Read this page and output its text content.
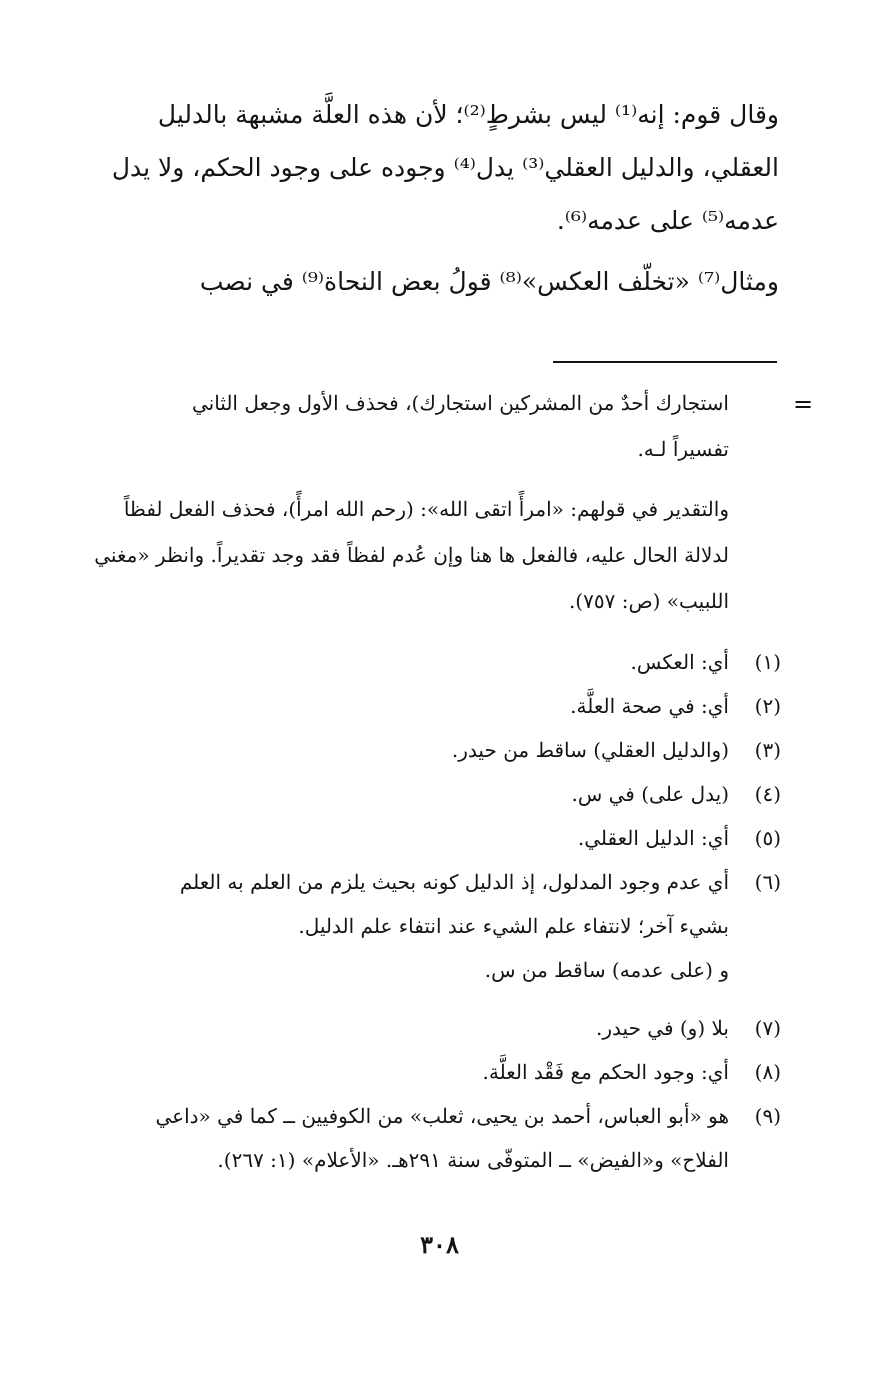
وقال قوم: إنه⁽¹⁾ ليس بشرطٍ⁽²⁾؛ لأن هذه العلَّة مشبهة بالدليل

العقلي، والدليل العقلي⁽³⁾ يدل⁽⁴⁾ وجوده على وجود الحكم، ولا يدل

عدمه⁽⁵⁾ على عدمه⁽⁶⁾.

ومثال⁽⁷⁾ «تخلّف العكس»⁽⁸⁾ قولُ بعض النحاة⁽⁹⁾ في نصب

=

استجارك أحدٌ من المشركين استجارك)، فحذف الأول وجعل الثاني

تفسيراً لـه.

والتقدير في قولهم: «امرأً اتقى الله»: (رحم الله امرأً)، فحذف الفعل لفظاً

لدلالة الحال عليه، فالفعل ها هنا وإن عُدم لفظاً فقد وجد تقديراً. وانظر «مغني

اللبيب» (ص: ٧٥٧).

(١)
أي: العكس.
(٢)
أي: في صحة العلَّة.
(٣)
(والدليل العقلي) ساقط من حيدر.
(٤)
(يدل على) في س.
(٥)
أي: الدليل العقلي.
(٦)
أي عدم وجود المدلول، إذ الدليل كونه بحيث يلزم من العلم به العلم
بشيء آخر؛ لانتفاء علم الشيء عند انتفاء علم الدليل.
و (على عدمه) ساقط من س.
(٧)
بلا (و) في حيدر.
(٨)
أي: وجود الحكم مع فَقْد العلَّة.
(٩)
هو «أبو العباس، أحمد بن يحيى، ثعلب» من الكوفيين ــ كما في «داعي
الفلاح» و«الفيض» ــ المتوفّى سنة ٢٩١هـ. «الأعلام» (١: ٢٦٧).
٣٠٨
